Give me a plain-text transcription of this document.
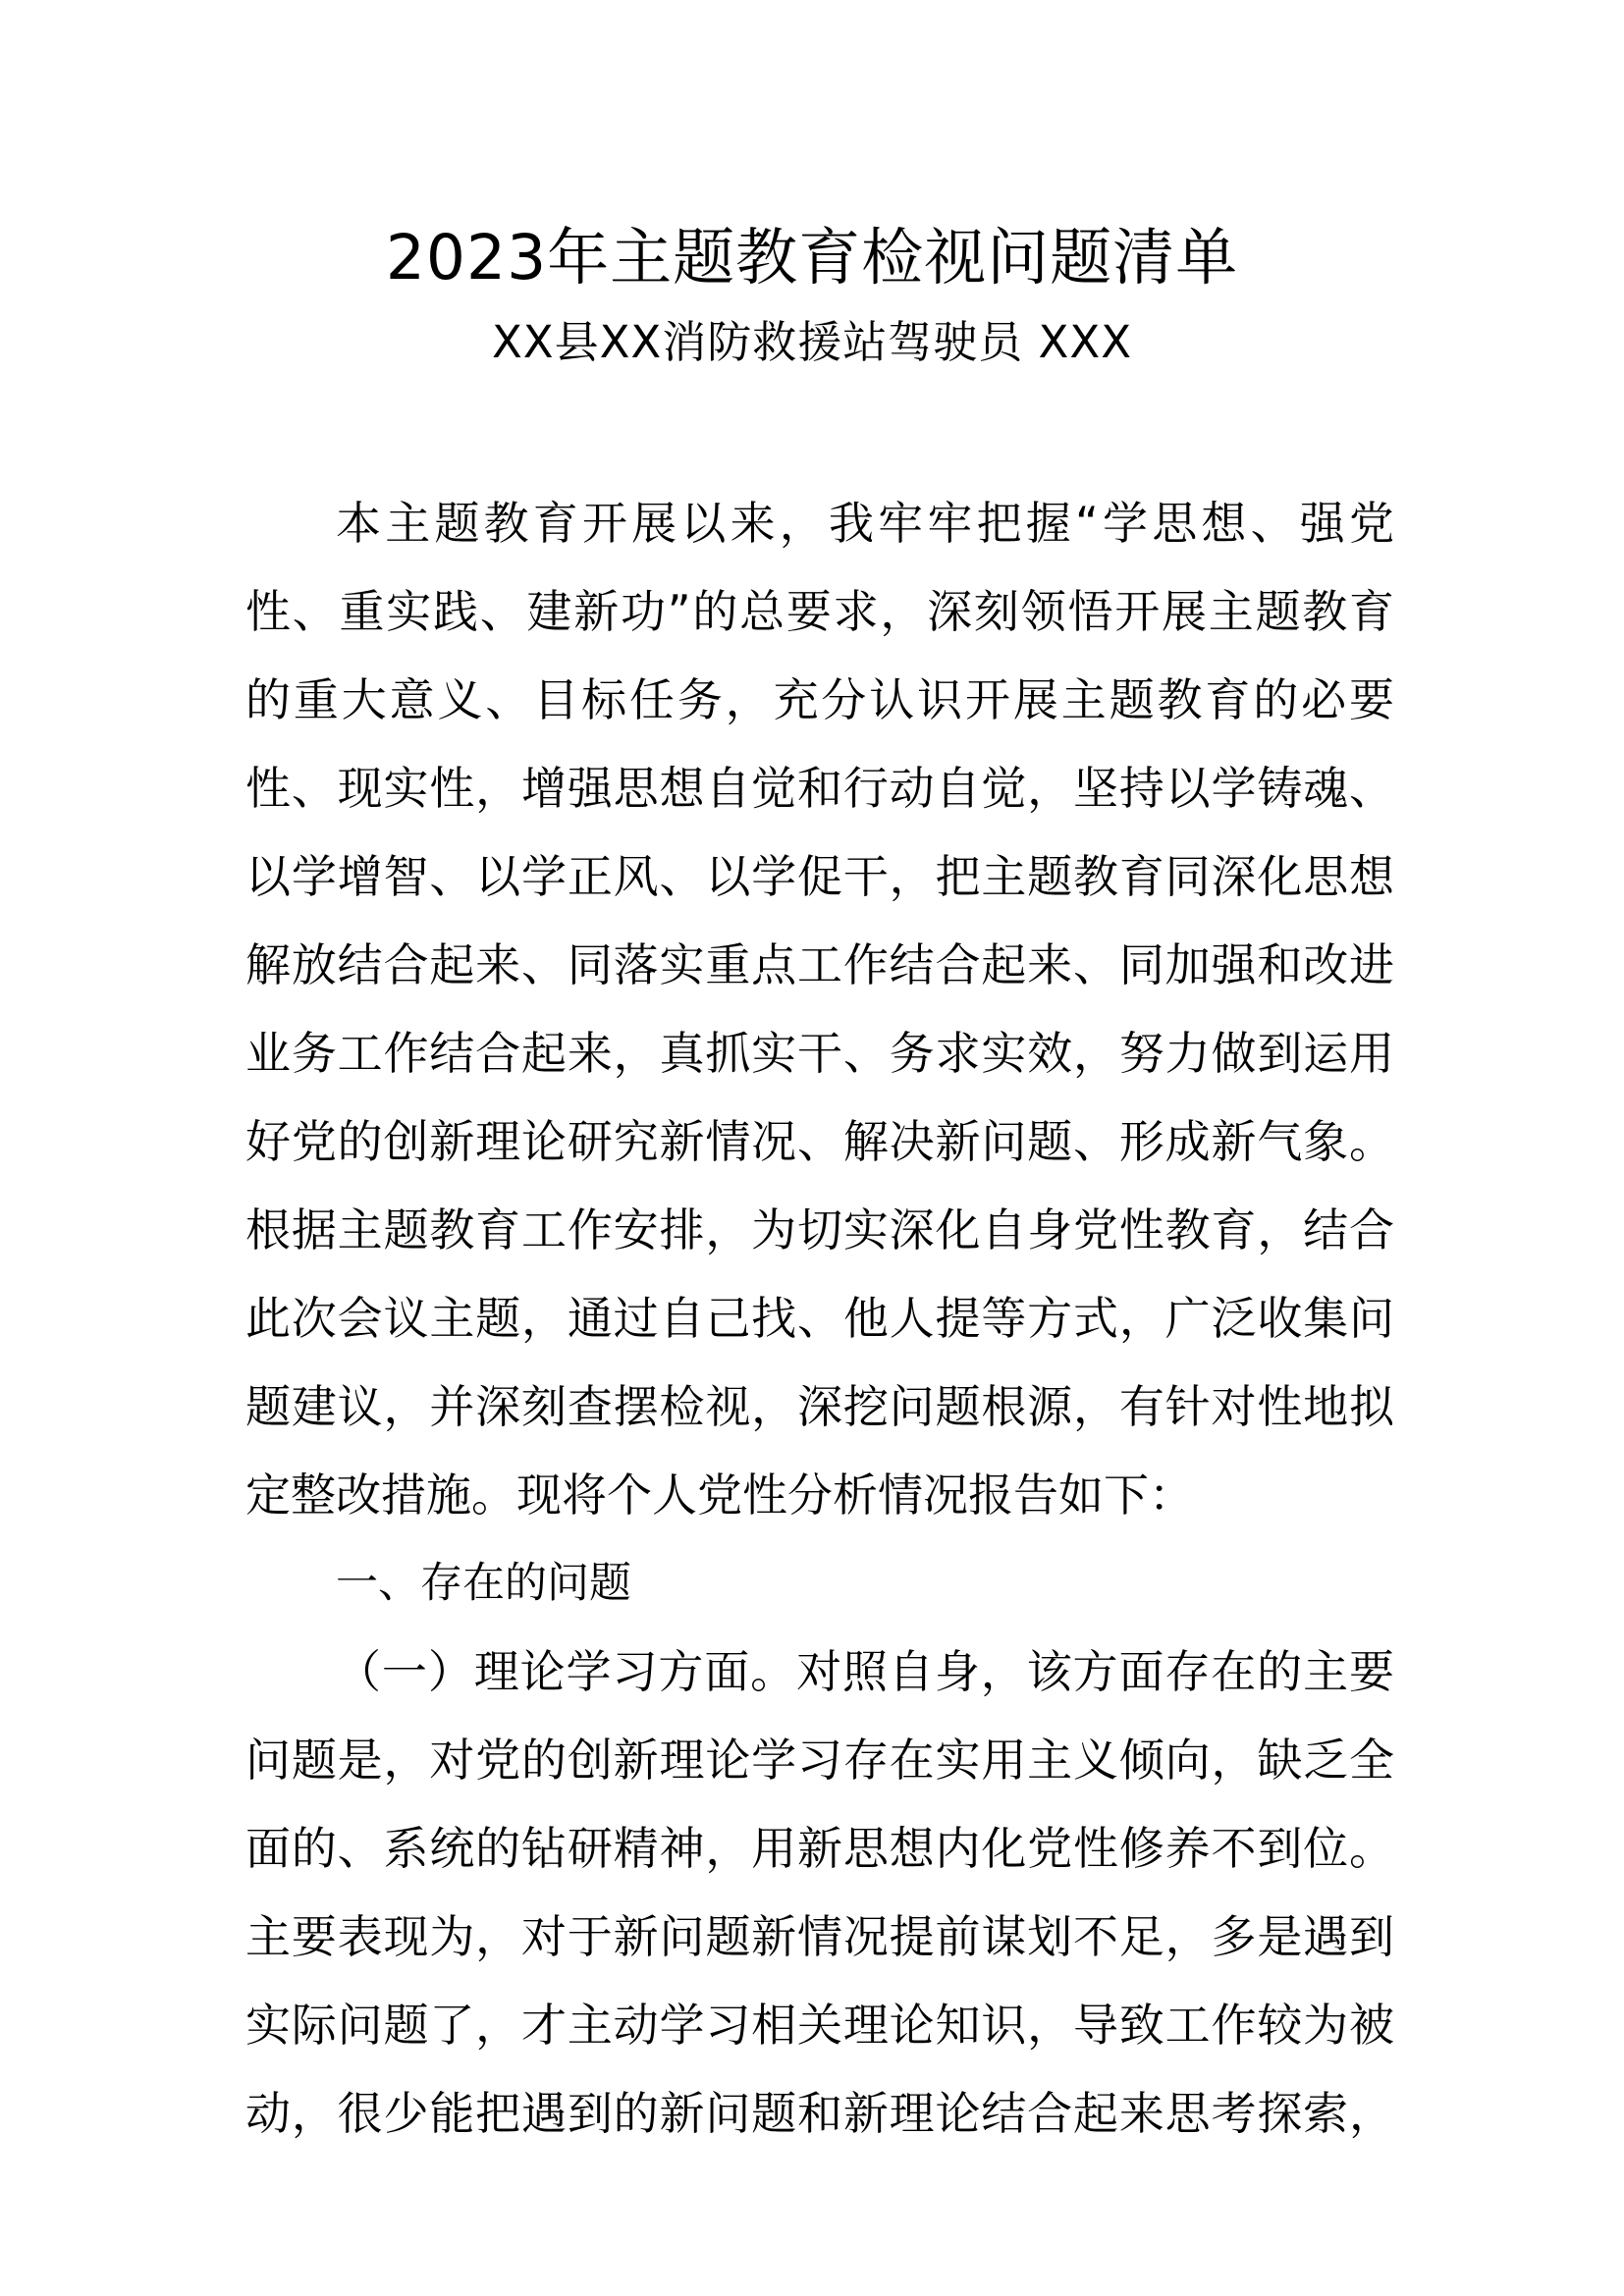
2023年主题教育检视问题清单
XX县XX消防救援站驾驶员 XXX
本主题教育开展以来，我牢牢把握“学思想、强党
性、重实践、建新功”的总要求，深刻领悟开展主题教育
的重大意义、目标任务，充分认识开展主题教育的必要
性、现实性，增强思想自觉和行动自觉，坚持以学铸魂、
以学增智、以学正风、以学促干，把主题教育同深化思想
解放结合起来、同落实重点工作结合起来、同加强和改进
业务工作结合起来，真抓实干、务求实效，努力做到运用
好党的创新理论研究新情况、解决新问题、形成新气象。
根据主题教育工作安排，为切实深化自身党性教育，结合
此次会议主题，通过自己找、他人提等方式，广泛收集问
题建议，并深刻查摆检视，深挖问题根源，有针对性地拟
定整改措施。现将个人党性分析情况报告如下：
一、存在的问题
（一）理论学习方面。对照自身，该方面存在的主要
问题是，对党的创新理论学习存在实用主义倾向，缺乏全
面的、系统的钻研精神，用新思想内化党性修养不到位。
主要表现为，对于新问题新情况提前谋划不足，多是遇到
实际问题了，才主动学习相关理论知识，导致工作较为被
动，很少能把遇到的新问题和新理论结合起来思考探索，
